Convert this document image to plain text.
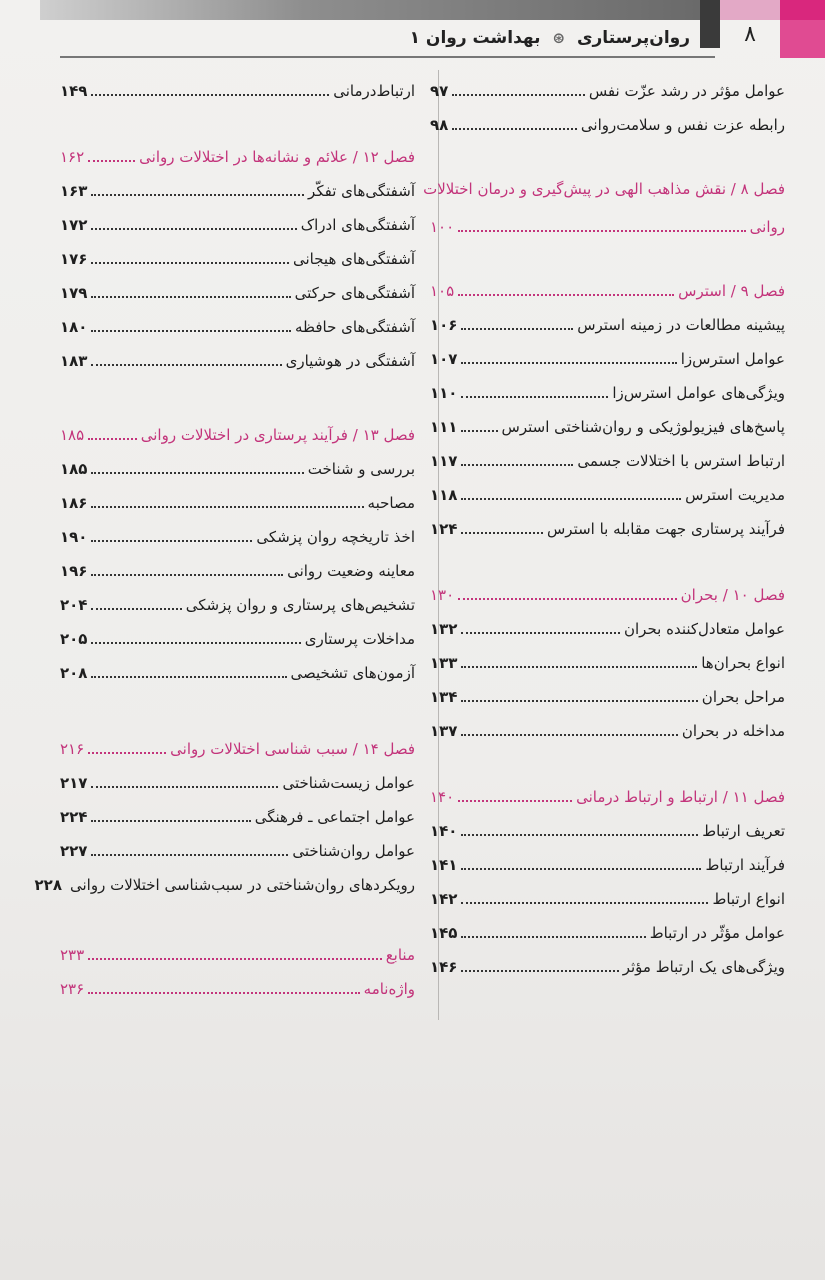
۸
روان‌پرستاری ⊛ بهداشت روان ۱
عوامل مؤثر در رشد عزّت نفس
۹۷
رابطه عزت نفس و سلامت‌روانی
۹۸
فصل ۸ / نقش مذاهب الهی در پیش‌گیری و درمان اختلالات
روانی
۱۰۰
فصل ۹ / استرس
۱۰۵
پیشینه مطالعات در زمینه استرس
۱۰۶
عوامل استرس‌زا
۱۰۷
ویژگی‌های عوامل استرس‌زا
۱۱۰
پاسخ‌های فیزیولوژیکی و روان‌شناختی استرس
۱۱۱
ارتباط استرس با اختلالات جسمی
۱۱۷
مدیریت استرس
۱۱۸
فرآیند پرستاری جهت مقابله با استرس
۱۲۴
فصل ۱۰ / بحران
۱۳۰
عوامل متعادل‌کننده بحران
۱۳۲
انواع بحران‌ها
۱۳۳
مراحل بحران
۱۳۴
مداخله در بحران
۱۳۷
فصل ۱۱ / ارتباط و ارتباط درمانی
۱۴۰
تعریف ارتباط
۱۴۰
فرآیند ارتباط
۱۴۱
انواع ارتباط
۱۴۲
عوامل مؤثّر در ارتباط
۱۴۵
ویژگی‌های یک ارتباط مؤثر
۱۴۶
ارتباط‌درمانی
۱۴۹
فصل ۱۲ / علائم و نشانه‌ها در اختلالات روانی
۱۶۲
آشفتگی‌های تفکّر
۱۶۳
آشفتگی‌های ادراک
۱۷۲
آشفتگی‌های هیجانی
۱۷۶
آشفتگی‌های حرکتی
۱۷۹
آشفتگی‌های حافظه
۱۸۰
آشفتگی در هوشیاری
۱۸۳
فصل ۱۳ / فرآیند پرستاری در اختلالات روانی
۱۸۵
بررسی و شناخت
۱۸۵
مصاحبه
۱۸۶
اخذ تاریخچه روان پزشکی
۱۹۰
معاینه وضعیت روانی
۱۹۶
تشخیص‌های پرستاری و روان پزشکی
۲۰۴
مداخلات پرستاری
۲۰۵
آزمون‌های تشخیصی
۲۰۸
فصل ۱۴ / سبب شناسی اختلالات روانی
۲۱۶
عوامل زیست‌شناختی
۲۱۷
عوامل اجتماعی ـ فرهنگی
۲۲۴
عوامل روان‌شناختی
۲۲۷
رویکردهای روان‌شناختی در سبب‌شناسی اختلالات روانی
۲۲۸
منابع
۲۳۳
واژه‌نامه
۲۳۶
